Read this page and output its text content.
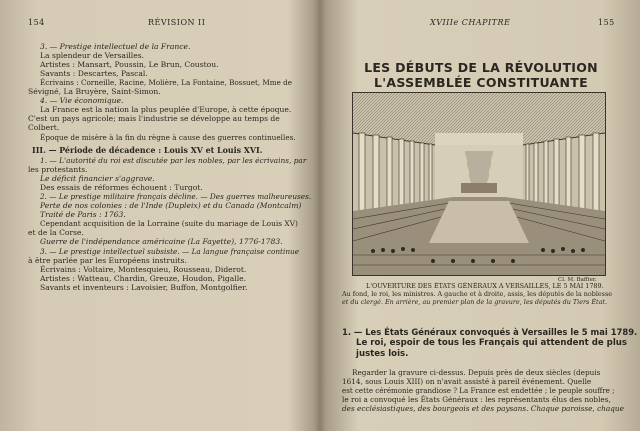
154	RÉVISION II
3. — Prestige intellectuel de la France.
La splendeur de Versailles.
Artistes : Mansart, Poussin, Le Brun, Coustou.
Savants : Descartes, Pascal.
Écrivains : Corneille, Racine, Molière, La Fontaine, Bossuet, Mme de
Sévigné, La Bruyère, Saint-Simon.
4. — Vie économique.
La France est la nation la plus peuplée d'Europe, à cette époque.
C'est un pays agricole; mais l'industrie se développe au temps de
Colbert.
Époque de misère à la fin du règne à cause des guerres continuelles.
III. — Période de décadence : Louis XV et Louis XVI.
1. — L'autorité du roi est discutée par les nobles, par les écrivains, par
les protestants.
Le déficit financier s'aggrave.
Des essais de réformes échouent : Turgot.
2. — Le prestige militaire français décline. — Des guerres malheureuses.
Perte de nos colonies : de l'Inde (Dupleix) et du Canada (Montcalm)
Traité de Paris : 1763.
Cependant acquisition de la Lorraine (suite du mariage de Louis XV)
et de la Corse.
Guerre de l'indépendance américaine (La Fayette), 1776-1783.
3. — Le prestige intellectuel subsiste. — La langue française continue
à être parlée par les Européens instruits.
Écrivains : Voltaire, Montesquieu, Rousseau, Diderot.
Artistes : Watteau, Chardin, Greuze, Houdon, Pigalle.
Savants et inventeurs : Lavoisier, Buffon, Montgolfier.
XVIIIe CHAPITRE	155
LES DÉBUTS DE LA RÉVOLUTION
L'ASSEMBLÉE CONSTITUANTE
Cl. M. Baffier.
L'OUVERTURE DES ÉTATS GÉNÉRAUX A VERSAILLES, LE 5 MAI 1789.
Au fond, le roi, les ministres. A gauche et à droite, assis, les députés de la noblesse
et du clergé. En arrière, au premier plan de la gravure, les députés du Tiers État.
1. — Les États Généraux convoqués à Versailles le 5 mai 1789.
Le roi, espoir de tous les Français qui attendent de plus
justes lois.
Regarder la gravure ci-dessus. Depuis près de deux siècles (depuis
1614, sous Louis XIII) on n'avait assisté à pareil événement. Quelle
est cette cérémonie grandiose ? La France est endettée ; le peuple souffre ;
le roi a convoqué les États Généraux : les représentants élus des nobles,
des ecclésiastiques, des bourgeois et des paysans. Chaque paroisse, chaque
